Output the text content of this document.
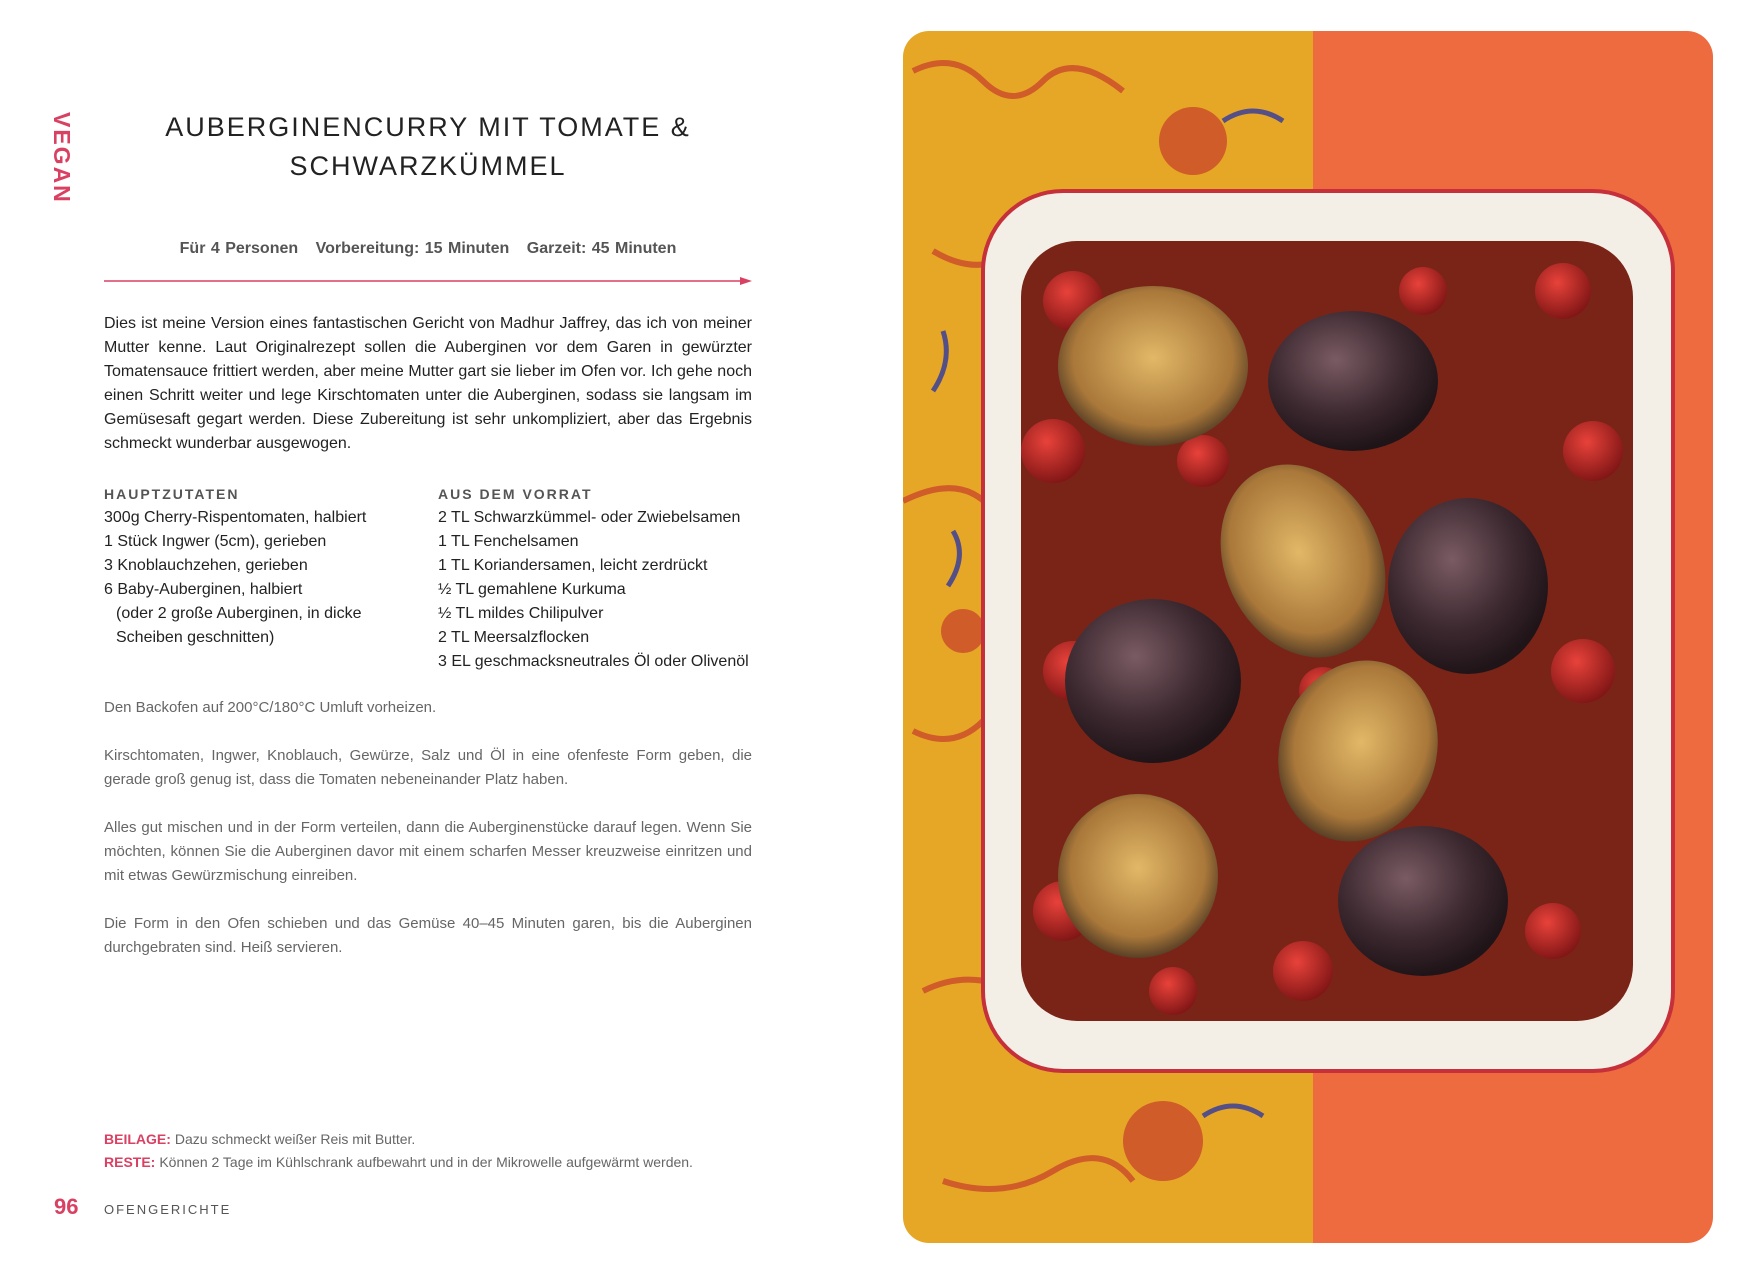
VEGAN	AUBERGINENCURRY MIT TOMATE &
SCHWARZKÜMMEL
Für 4 Personen Vorbereitung: 15 Minuten Garzeit: 45 Minuten

Dies ist meine Version eines fantastischen Gericht von Madhur Jaffrey, das ich von meiner Mutter kenne. Laut Originalrezept sollen die Auberginen vor dem Garen in gewürzter Tomatensauce frittiert werden, aber meine Mutter gart sie lieber im Ofen vor. Ich gehe noch einen Schritt weiter und lege Kirschtomaten unter die Auberginen, sodass sie langsam im Gemüsesaft gegart werden. Diese Zubereitung ist sehr unkompliziert, aber das Ergebnis schmeckt wunderbar ausgewogen.

HAUPTZUTATEN
300g Cherry-Rispentomaten, halbiert
1 Stück Ingwer (5cm), gerieben
3 Knoblauchzehen, gerieben
6 Baby-Auberginen, halbiert
(oder 2 große Auberginen, in dicke
Scheiben geschnitten)
AUS DEM VORRAT
2 TL Schwarzkümmel- oder Zwiebelsamen
1 TL Fenchelsamen
1 TL Koriandersamen, leicht zerdrückt
½ TL gemahlene Kurkuma
½ TL mildes Chilipulver
2 TL Meersalzflocken
3 EL geschmacksneutrales Öl oder Olivenöl

Den Backofen auf 200°C/180°C Umluft vorheizen.

Kirschtomaten, Ingwer, Knoblauch, Gewürze, Salz und Öl in eine ofenfeste Form geben, die gerade groß genug ist, dass die Tomaten nebeneinander Platz haben.

Alles gut mischen und in der Form verteilen, dann die Auberginenstücke darauf legen. Wenn Sie möchten, können Sie die Auberginen davor mit einem scharfen Messer kreuzweise einritzen und mit etwas Gewürzmischung einreiben.

Die Form in den Ofen schieben und das Gemüse 40–45 Minuten garen, bis die Auberginen durchgebraten sind. Heiß servieren.

BEILAGE: Dazu schmeckt weißer Reis mit Butter.
RESTE: Können 2 Tage im Kühlschrank aufbewahrt und in der Mikrowelle aufgewärmt werden.
96 OFENGERICHTE
